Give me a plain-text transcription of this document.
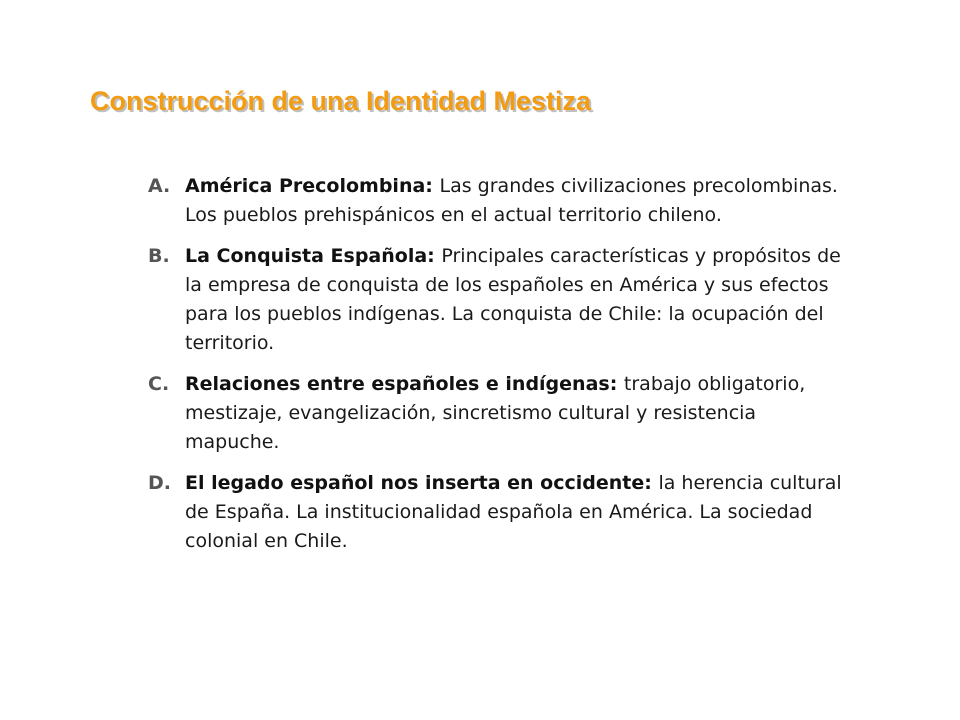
Construcción de una Identidad Mestiza
A. América Precolombina: Las grandes civilizaciones precolombinas. Los pueblos prehispánicos en el actual territorio chileno.
B. La Conquista Española: Principales características y propósitos de la empresa de conquista de los españoles en América y sus efectos para los pueblos indígenas. La conquista de Chile: la ocupación del territorio.
C. Relaciones entre españoles e indígenas: trabajo obligatorio, mestizaje, evangelización, sincretismo cultural y resistencia mapuche.
D. El legado español nos inserta en occidente: la herencia cultural de España. La institucionalidad española en América. La sociedad colonial en Chile.
